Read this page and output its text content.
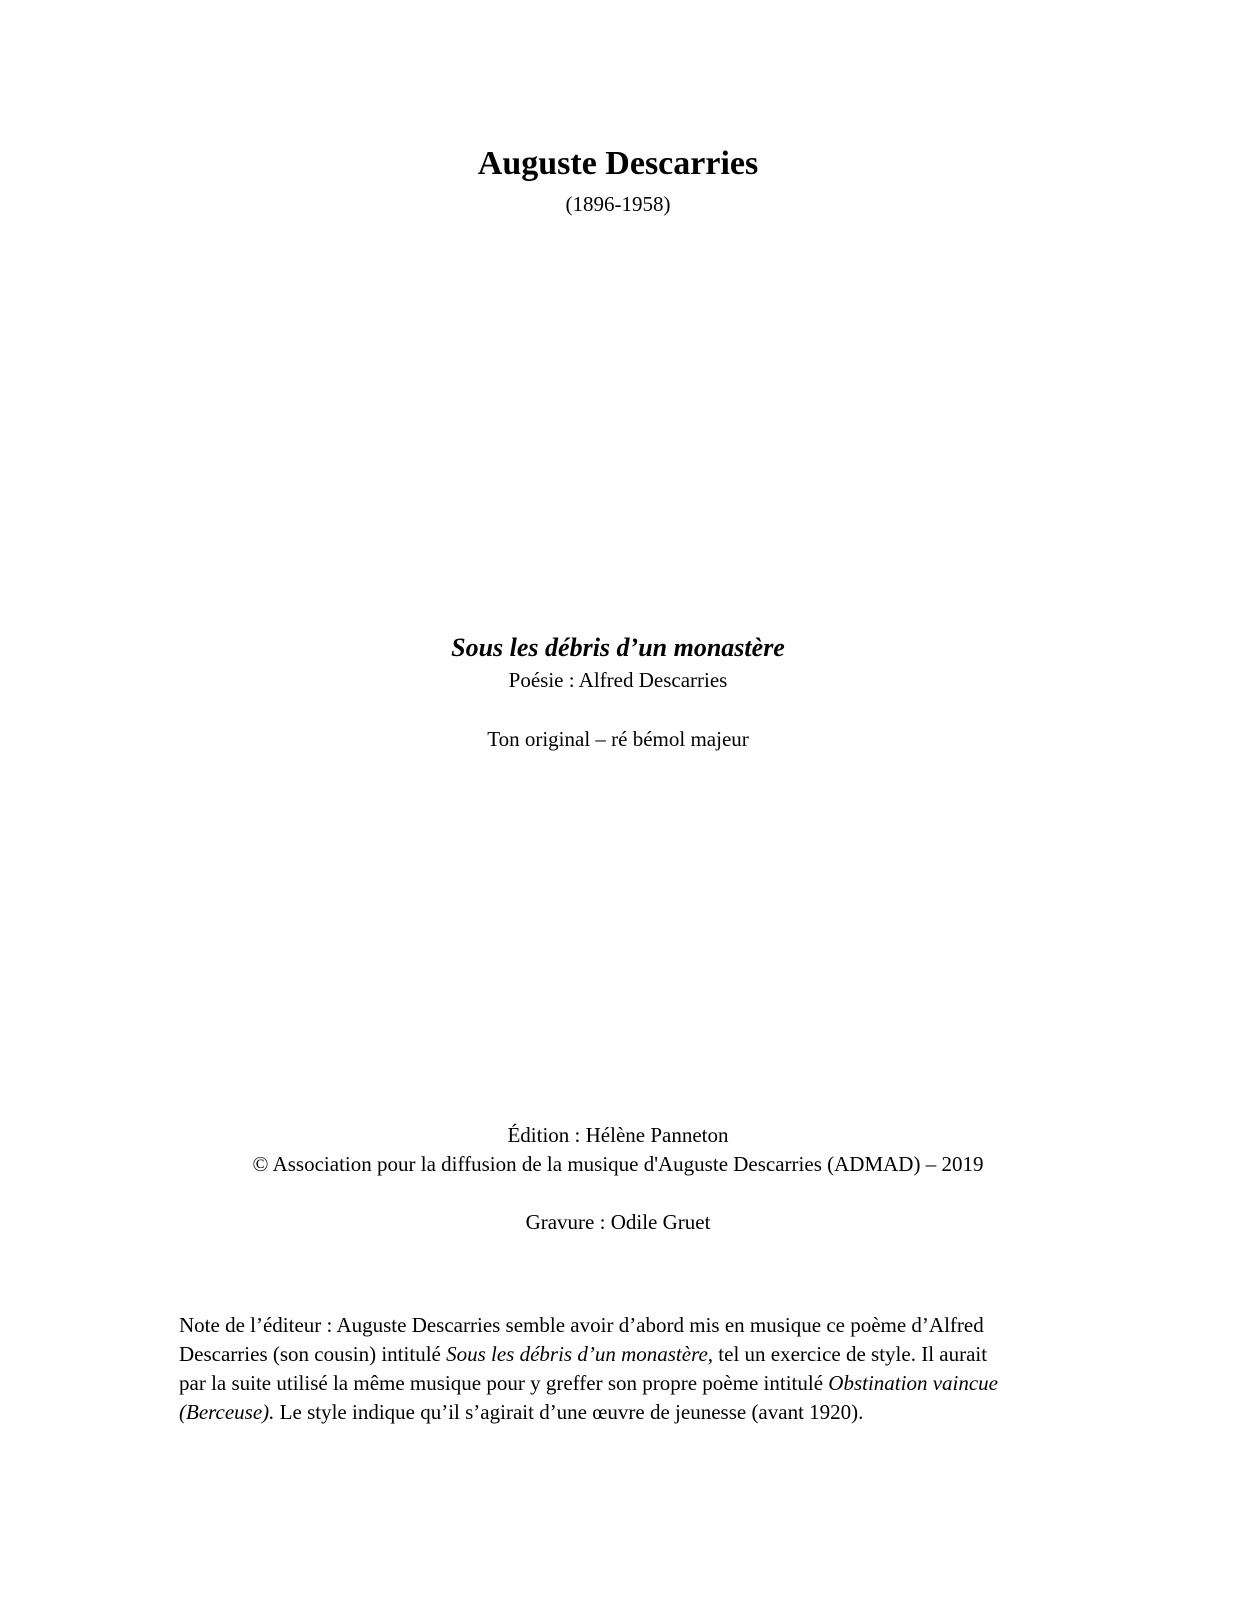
Auguste Descarries
(1896-1958)
Sous les débris d’un monastère
Poésie : Alfred Descarries
Ton original – ré bémol majeur
Édition : Hélène Panneton
© Association pour la diffusion de la musique d'Auguste Descarries (ADMAD) – 2019
Gravure : Odile Gruet
Note de l’éditeur : Auguste Descarries semble avoir d’abord mis en musique ce poème d’Alfred
Descarries (son cousin) intitulé Sous les débris d’un monastère, tel un exercice de style. Il aurait
par la suite utilisé la même musique pour y greffer son propre poème intitulé Obstination vaincue
(Berceuse). Le style indique qu’il s’agirait d’une œuvre de jeunesse (avant 1920).
